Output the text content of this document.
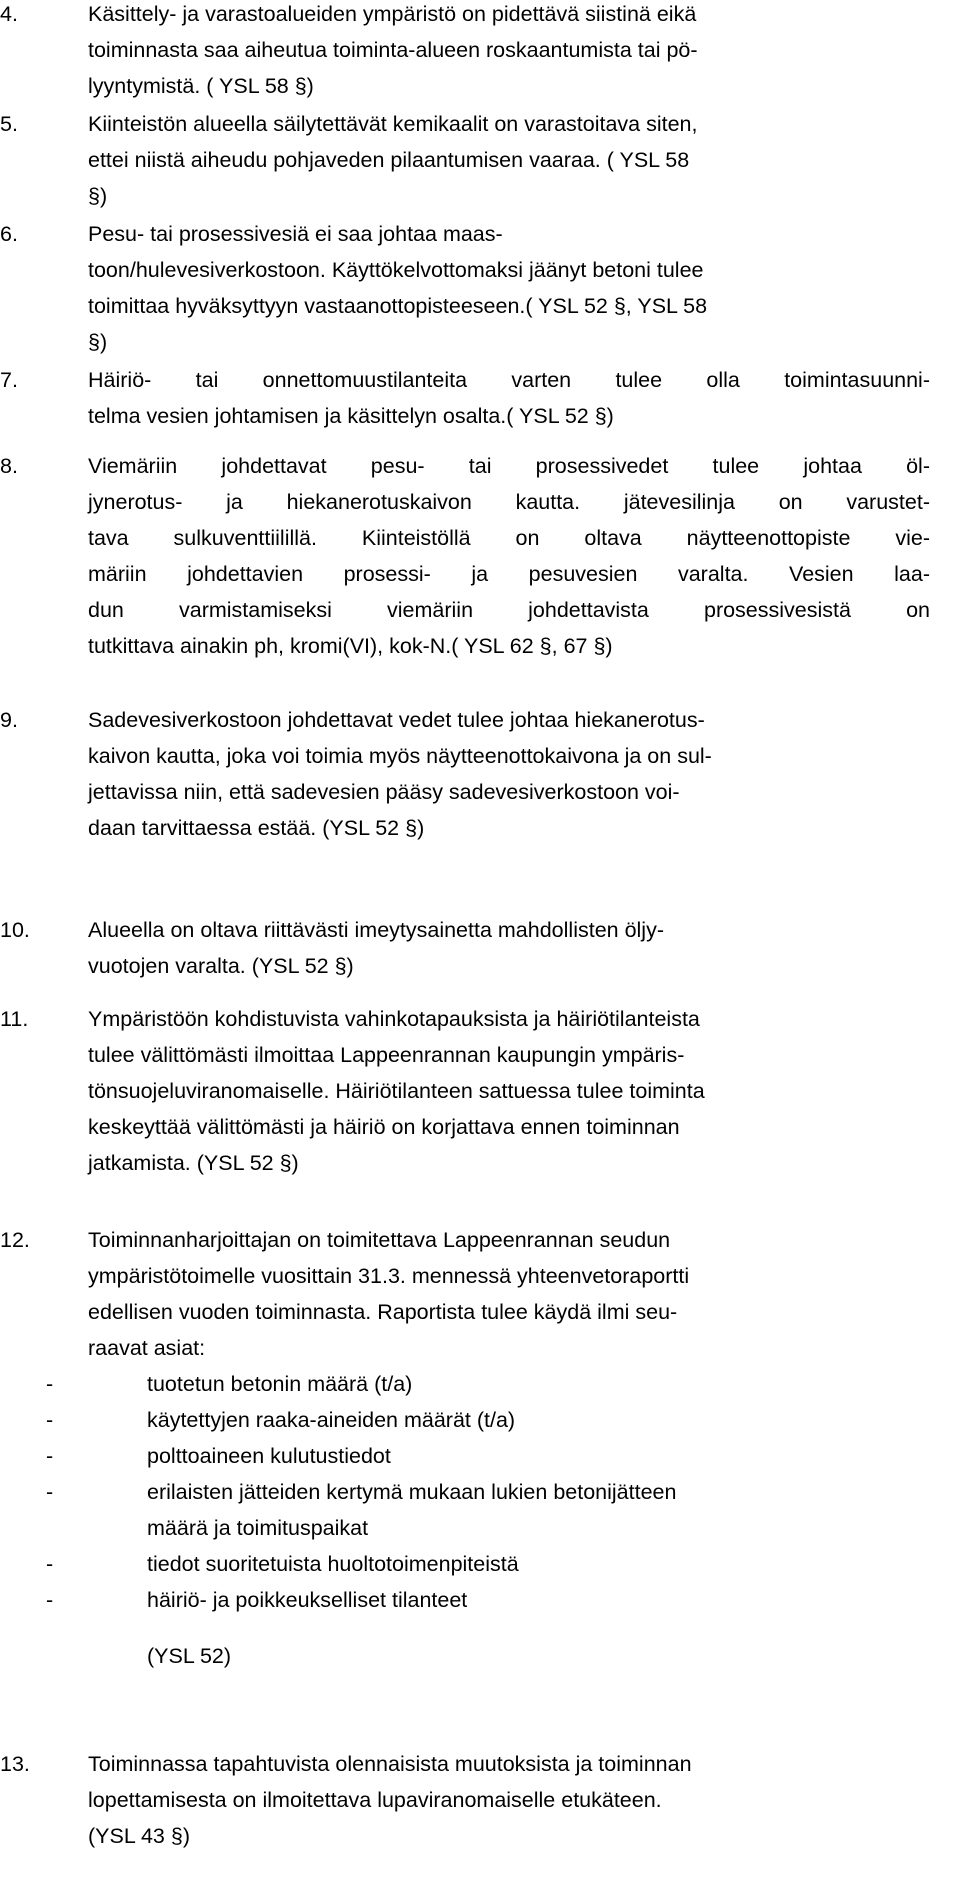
4.	Käsittely- ja varastoalueiden ympäristö on pidettävä siistinä eikä
toiminnasta saa aiheutua toiminta-alueen roskaantumista tai pö-
lyyntymistä. ( YSL 58 §)
5.	Kiinteistön alueella säilytettävät kemikaalit on varastoitava siten,
ettei niistä aiheudu pohjaveden pilaantumisen vaaraa. ( YSL 58
§)
6.	Pesu- tai prosessivesiä ei saa johtaa maas-
toon/hulevesiverkostoon. Käyttökelvottomaksi jäänyt betoni tulee
toimittaa hyväksyttyyn vastaanottopisteeseen.( YSL 52 §, YSL 58
§)
7.	Häiriö- tai onnettomuustilanteita varten tulee olla toimintasuunni-
telma vesien johtamisen ja käsittelyn osalta.( YSL 52 §)
8.	Viemäriin johdettavat pesu- tai prosessivedet tulee johtaa öl-
jynerotus- ja hiekanerotuskaivon kautta. jätevesilinja on varustet-
tava sulkuventtiilillä. Kiinteistöllä on oltava näytteenottopiste vie-
märiin johdettavien prosessi- ja pesuvesien varalta. Vesien laa-
dun varmistamiseksi viemäriin johdettavista prosessivesistä on
tutkittava ainakin ph, kromi(VI), kok-N.( YSL 62 §, 67 §)
9.	Sadevesiverkostoon johdettavat vedet tulee johtaa hiekanerotus-
kaivon kautta, joka voi toimia myös näytteenottokaivona ja on sul-
jettavissa niin, että sadevesien pääsy sadevesiverkostoon voi-
daan tarvittaessa estää. (YSL 52 §)
10.	Alueella on oltava riittävästi imeytysainetta mahdollisten öljy-
vuotojen varalta. (YSL 52 §)
11.	Ympäristöön kohdistuvista vahinkotapauksista ja häiriötilanteista
tulee välittömästi ilmoittaa Lappeenrannan kaupungin ympäris-
tönsuojeluviranomaiselle. Häiriötilanteen sattuessa tulee toiminta
keskeyttää välittömästi ja häiriö on korjattava ennen toiminnan
jatkamista. (YSL 52 §)
12.	Toiminnanharjoittajan on toimitettava Lappeenrannan seudun
ympäristötoimelle vuosittain 31.3. mennessä yhteenvetoraportti
edellisen vuoden toiminnasta. Raportista tulee käydä ilmi seu-
raavat asiat:
-	tuotetun betonin määrä (t/a)
-	käytettyjen raaka-aineiden määrät (t/a)
-	polttoaineen kulutustiedot
-	erilaisten jätteiden kertymä mukaan lukien betonijätteen
määrä ja toimituspaikat
-	tiedot suoritetuista huoltotoimenpiteistä
-	häiriö- ja poikkeukselliset tilanteet
(YSL 52)
13.	Toiminnassa tapahtuvista olennaisista muutoksista ja toiminnan
lopettamisesta on ilmoitettava lupaviranomaiselle etukäteen.
(YSL 43 §)
